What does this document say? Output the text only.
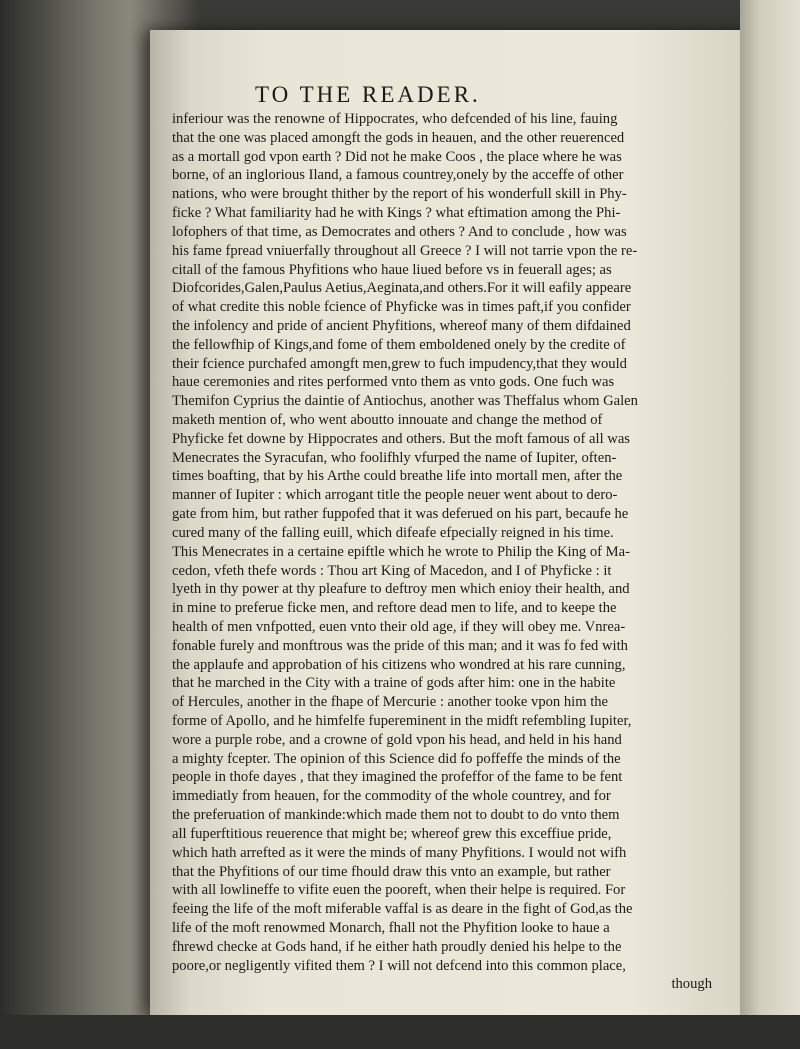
TO THE READER.
inferiour was the renowne of Hippocrates, who defcended of his line, fauing
that the one was placed amongft the gods in heauen, and the other reuerenced
as a mortall god vpon earth ? Did not he make Coos , the place where he was
borne, of an inglorious Iland, a famous countrey,onely by the acceffe of other
nations, who were brought thither by the report of his wonderfull skill in Phy-
ficke ? What familiarity had he with Kings ? what eftimation among the Phi-
lofophers of that time, as Democrates and others ? And to conclude , how was
his fame fpread vniuerfally throughout all Greece ? I will not tarrie vpon the re-
citall of the famous Phyfitions who haue liued before vs in feuerall ages; as
Diofcorides,Galen,Paulus Aetius,Aeginata,and others.For it will eafily appeare
of what credite this noble fcience of Phyficke was in times paft,if you confider
the infolency and pride of ancient Phyfitions, whereof many of them difdained
the fellowfhip of Kings,and fome of them emboldened onely by the credite of
their fcience purchafed amongft men,grew to fuch impudency,that they would
haue ceremonies and rites performed vnto them as vnto gods. One fuch was
Themifon Cyprius the daintie of Antiochus, another was Theffalus whom Galen
maketh mention of, who went aboutto innouate and change the method of
Phyficke fet downe by Hippocrates and others. But the moft famous of all was
Menecrates the Syracufan, who foolifhly vfurped the name of Iupiter, often-
times boafting, that by his Arthe could breathe life into mortall men, after the
manner of Iupiter : which arrogant title the people neuer went about to dero-
gate from him, but rather fuppofed that it was deferued on his part, becaufe he
cured many of the falling euill, which difeafe efpecially reigned in his time.
This Menecrates in a certaine epiftle which he wrote to Philip the King of Ma-
cedon, vfeth thefe words : Thou art King of Macedon, and I of Phyficke : it
lyeth in thy power at thy pleafure to deftroy men which enioy their health, and
in mine to preferue ficke men, and reftore dead men to life, and to keepe the
health of men vnfpotted, euen vnto their old age, if they will obey me. Vnrea-
fonable furely and monftrous was the pride of this man; and it was fo fed with
the applaufe and approbation of his citizens who wondred at his rare cunning,
that he marched in the City with a traine of gods after him: one in the habite
of Hercules, another in the fhape of Mercurie : another tooke vpon him the
forme of Apollo, and he himfelfe fupereminent in the midft refembling Iupiter,
wore a purple robe, and a crowne of gold vpon his head, and held in his hand
a mighty fcepter. The opinion of this Science did fo poffeffe the minds of the
people in thofe dayes , that they imagined the profeffor of the fame to be fent
immediatly from heauen, for the commodity of the whole countrey, and for
the preferuation of mankinde:which made them not to doubt to do vnto them
all fuperftitious reuerence that might be; whereof grew this exceffiue pride,
which hath arrefted as it were the minds of many Phyfitions. I would not wifh
that the Phyfitions of our time fhould draw this vnto an example, but rather
with all lowlineffe to vifite euen the pooreft, when their helpe is required. For
feeing the life of the moft miferable vaffal is as deare in the fight of God,as the
life of the moft renowmed Monarch, fhall not the Phyfition looke to haue a
fhrewd checke at Gods hand, if he either hath proudly denied his helpe to the
poore,or negligently vifited them ? I will not defcend into this common place,
though
